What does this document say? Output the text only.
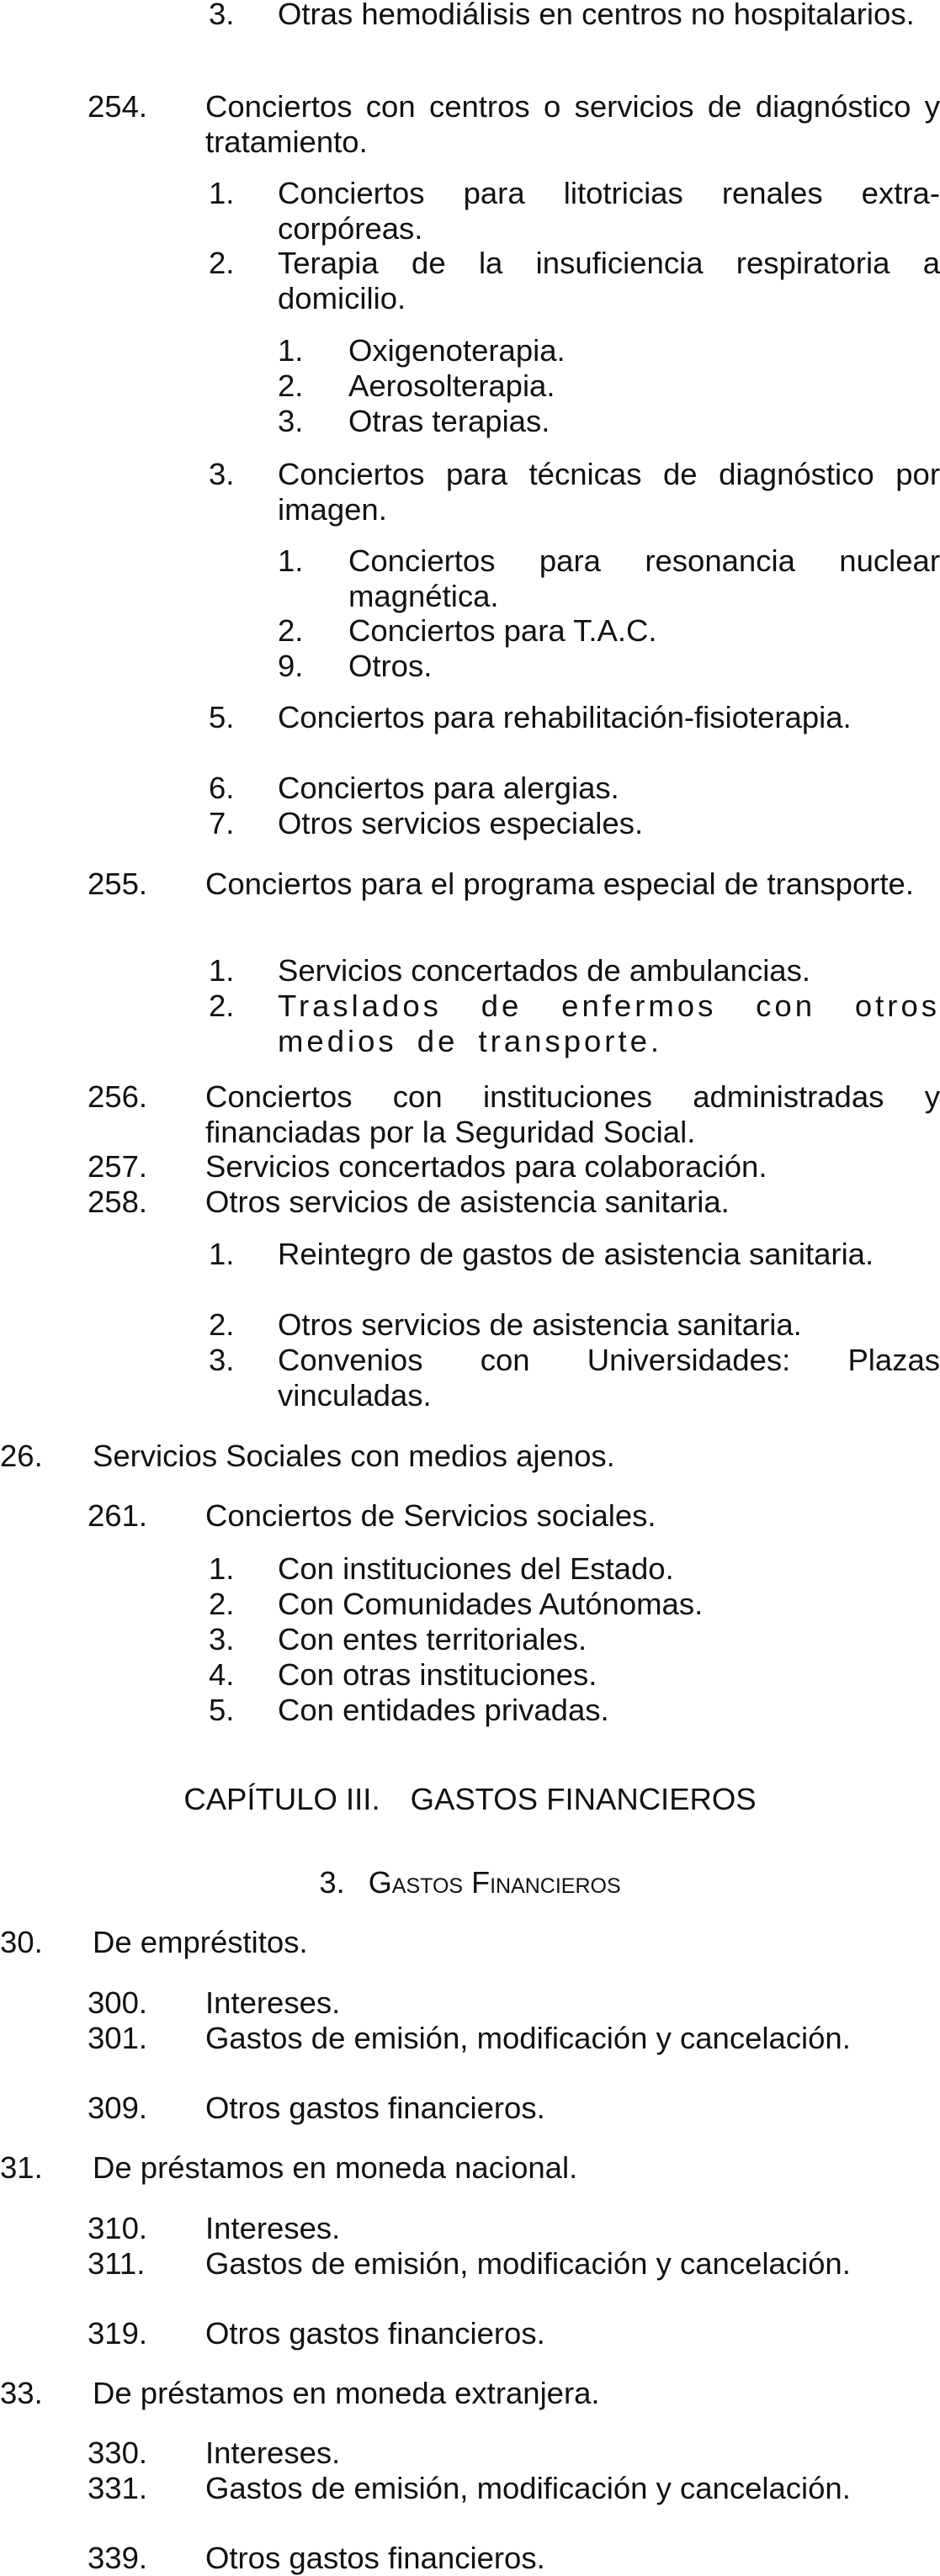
CAPÍTULO III. GASTOS FINANCIEROS
3. Gastos Financieros
3. Otras hemodiálisis en centros no hospitalarios.
254. Conciertos con centros o servicios de diagnóstico y tratamiento.
1. Conciertos para litotricias renales extracorpóreas.
2. Terapia de la insuficiencia respiratoria a domicilio.
1. Oxigenoterapia.
2. Aerosolterapia.
3. Otras terapias.
3. Conciertos para técnicas de diagnóstico por imagen.
1. Conciertos para resonancia nuclear magnética.
2. Conciertos para T.A.C.
9. Otros.
5. Conciertos para rehabilitación-fisioterapia.
6. Conciertos para alergias.
7. Otros servicios especiales.
255. Conciertos para el programa especial de transporte.
1. Servicios concertados de ambulancias.
2. Traslados de enfermos con otros medios de transporte.
256. Conciertos con instituciones administradas y financiadas por la Seguridad Social.
257. Servicios concertados para colaboración.
258. Otros servicios de asistencia sanitaria.
1. Reintegro de gastos de asistencia sanitaria.
2. Otros servicios de asistencia sanitaria.
3. Convenios con Universidades: Plazas vinculadas.
26. Servicios Sociales con medios ajenos.
261. Conciertos de Servicios sociales.
1. Con instituciones del Estado.
2. Con Comunidades Autónomas.
3. Con entes territoriales.
4. Con otras instituciones.
5. Con entidades privadas.
30. De empréstitos.
300. Intereses.
301. Gastos de emisión, modificación y cancelación.
309. Otros gastos financieros.
31. De préstamos en moneda nacional.
310. Intereses.
311. Gastos de emisión, modificación y cancelación.
319. Otros gastos financieros.
33. De préstamos en moneda extranjera.
330. Intereses.
331. Gastos de emisión, modificación y cancelación.
339. Otros gastos financieros.
